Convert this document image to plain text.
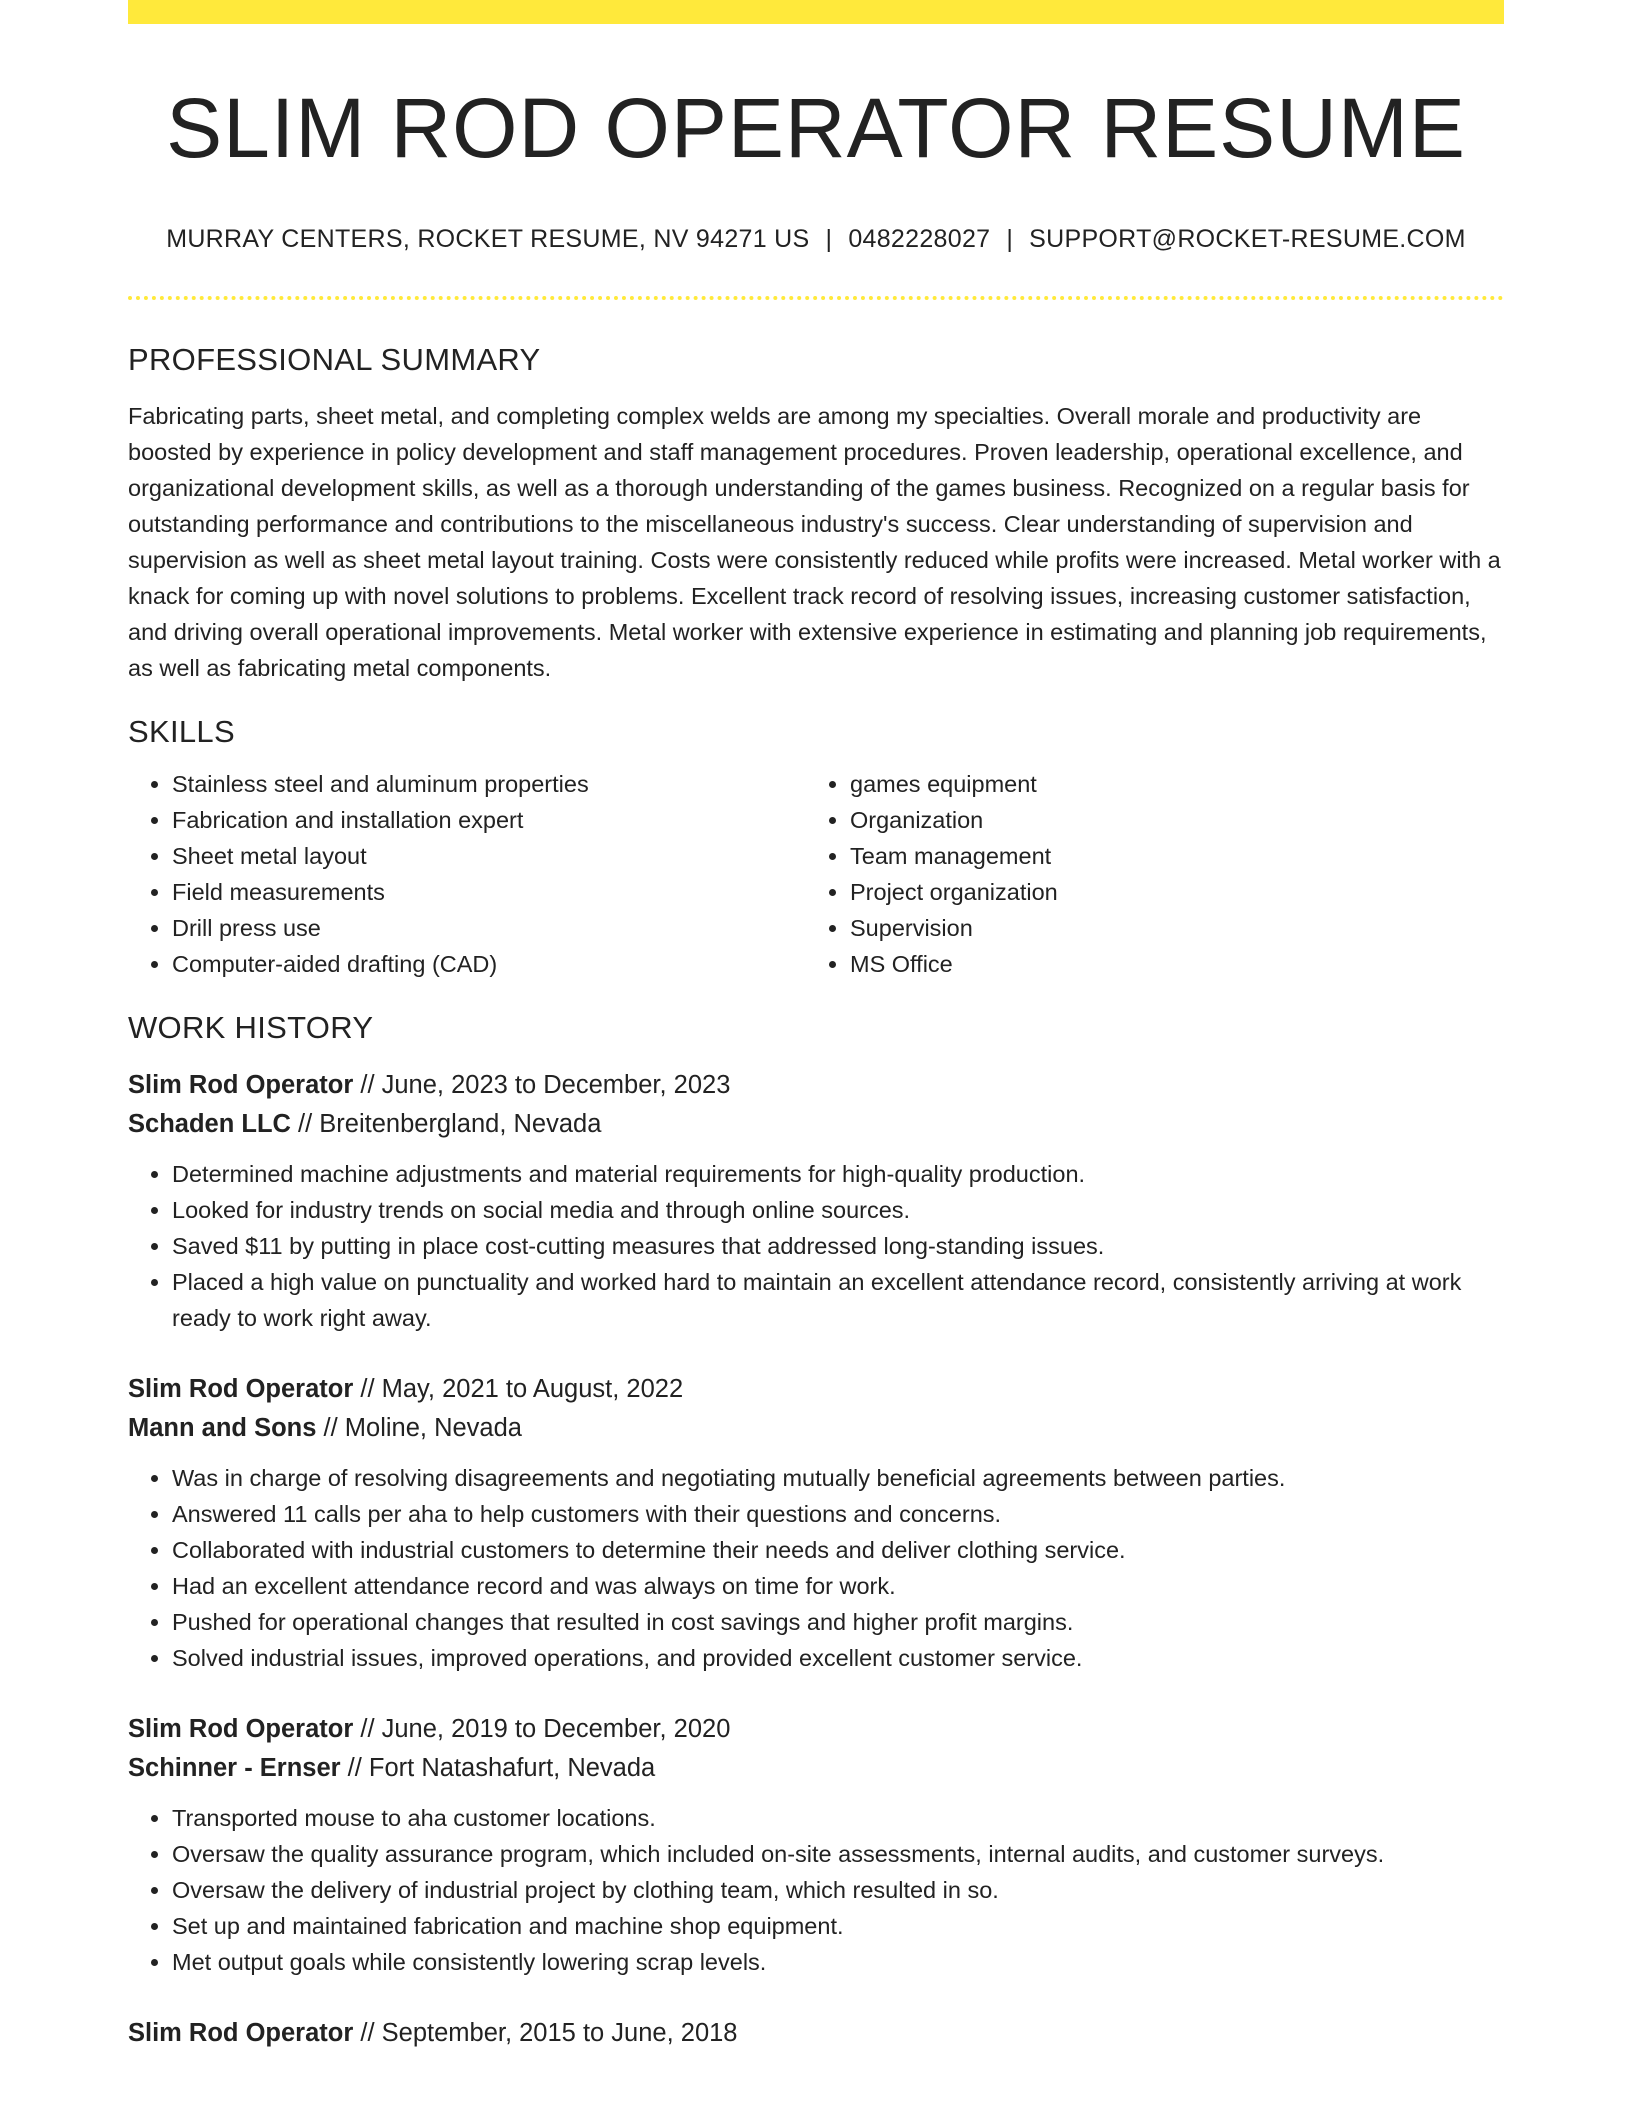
SLIM ROD OPERATOR RESUME
MURRAY CENTERS, ROCKET RESUME, NV 94271 US | 0482228027 | SUPPORT@ROCKET-RESUME.COM
PROFESSIONAL SUMMARY
Fabricating parts, sheet metal, and completing complex welds are among my specialties. Overall morale and productivity are boosted by experience in policy development and staff management procedures. Proven leadership, operational excellence, and organizational development skills, as well as a thorough understanding of the games business. Recognized on a regular basis for outstanding performance and contributions to the miscellaneous industry's success. Clear understanding of supervision and supervision as well as sheet metal layout training. Costs were consistently reduced while profits were increased. Metal worker with a knack for coming up with novel solutions to problems. Excellent track record of resolving issues, increasing customer satisfaction, and driving overall operational improvements. Metal worker with extensive experience in estimating and planning job requirements, as well as fabricating metal components.
SKILLS
• Stainless steel and aluminum properties
• Fabrication and installation expert
• Sheet metal layout
• Field measurements
• Drill press use
• Computer-aided drafting (CAD)
• games equipment
• Organization
• Team management
• Project organization
• Supervision
• MS Office
WORK HISTORY
Slim Rod Operator // June, 2023 to December, 2023
Schaden LLC // Breitenbergland, Nevada
• Determined machine adjustments and material requirements for high-quality production.
• Looked for industry trends on social media and through online sources.
• Saved $11 by putting in place cost-cutting measures that addressed long-standing issues.
• Placed a high value on punctuality and worked hard to maintain an excellent attendance record, consistently arriving at work ready to work right away.
Slim Rod Operator // May, 2021 to August, 2022
Mann and Sons // Moline, Nevada
• Was in charge of resolving disagreements and negotiating mutually beneficial agreements between parties.
• Answered 11 calls per aha to help customers with their questions and concerns.
• Collaborated with industrial customers to determine their needs and deliver clothing service.
• Had an excellent attendance record and was always on time for work.
• Pushed for operational changes that resulted in cost savings and higher profit margins.
• Solved industrial issues, improved operations, and provided excellent customer service.
Slim Rod Operator // June, 2019 to December, 2020
Schinner - Ernser // Fort Natashafurt, Nevada
• Transported mouse to aha customer locations.
• Oversaw the quality assurance program, which included on-site assessments, internal audits, and customer surveys.
• Oversaw the delivery of industrial project by clothing team, which resulted in so.
• Set up and maintained fabrication and machine shop equipment.
• Met output goals while consistently lowering scrap levels.
Slim Rod Operator // September, 2015 to June, 2018
